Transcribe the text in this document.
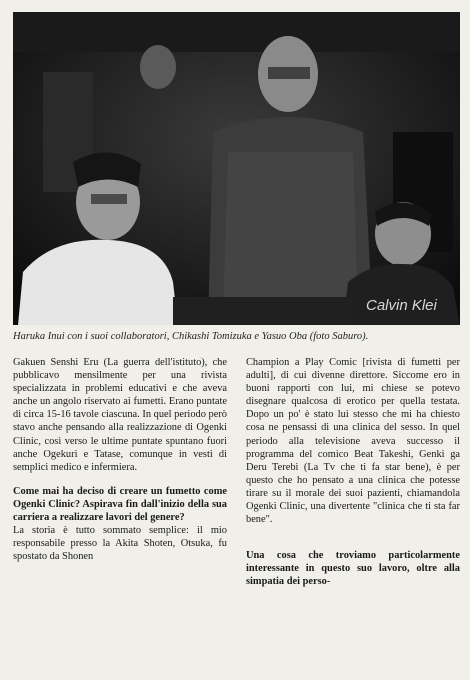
Calvin Klei
Haruka Inui con i suoi collaboratori, Chikashi Tomizuka e Yasuo Oba (foto Saburo).

Gakuen Senshi Eru (La guerra dell'istituto), che pubblicavo mensilmente per una rivista specializzata in problemi educativi e che aveva anche un angolo riservato ai fumetti. Erano puntate di circa 15-16 tavole ciascuna. In quel periodo però stavo anche pensando alla realizzazione di Ogenki Clinic, così verso le ultime puntate spuntano fuori anche Ogekuri e Tatase, comunque in vesti di semplici medico e infermiera.

Come mai ha deciso di creare un fumetto come Ogenki Clinic? Aspirava fin dall'inizio della sua carriera a realizzare lavori del genere?

La storia è tutto sommato semplice: il mio responsabile presso la Akita Shoten, Otsuka, fu spostato da Shonen

Champion a Play Comic [rivista di fumetti per adulti], di cui divenne direttore. Siccome ero in buoni rapporti con lui, mi chiese se potevo disegnare qualcosa di erotico per quella testata. Dopo un po' è stato lui stesso che mi ha chiesto cosa ne pensassi di una clinica del sesso. In quel periodo alla televisione aveva successo il programma del comico Beat Takeshi, Genki ga Deru Terebi (La Tv che ti fa star bene), è per questo che ho pensato a una clinica che potesse tirare su il morale dei suoi pazienti, chiamandola Ogenki Clinic, una divertente "clinica che ti sta far bene".

Una cosa che troviamo particolarmente interessante in questo suo lavoro, oltre alla simpatia dei perso-
